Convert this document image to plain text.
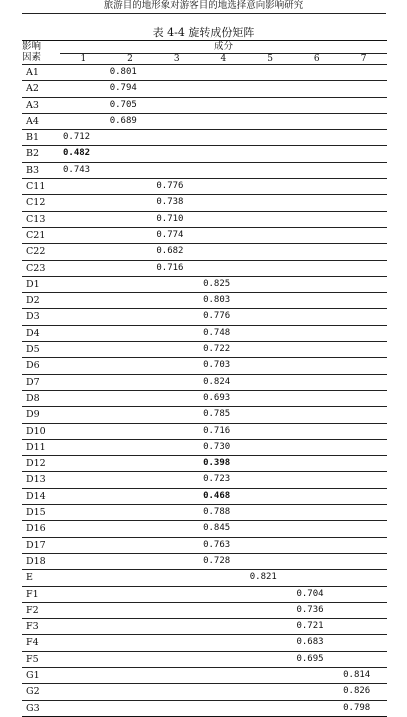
旅游目的地形象对游客目的地选择意向影响研究
表 4-4 旋转成份矩阵
影响
因素	成分						
	1	2	3	4	5	6	7
A1		0.801					
A2		0.794					
A3		0.705					
A4		0.689					
B1	0.712						
B2	0.482						
B3	0.743						
C11			0.776				
C12			0.738				
C13			0.710				
C21			0.774				
C22			0.682				
C23			0.716				
D1				0.825			
D2				0.803			
D3				0.776			
D4				0.748			
D5				0.722			
D6				0.703			
D7				0.824			
D8				0.693			
D9				0.785			
D10				0.716			
D11				0.730			
D12				0.398			
D13				0.723			
D14				0.468			
D15				0.788			
D16				0.845			
D17				0.763			
D18				0.728			
E					0.821		
F1						0.704	
F2						0.736	
F3						0.721	
F4						0.683	
F5						0.695	
G1							0.814
G2							0.826
G3							0.798
